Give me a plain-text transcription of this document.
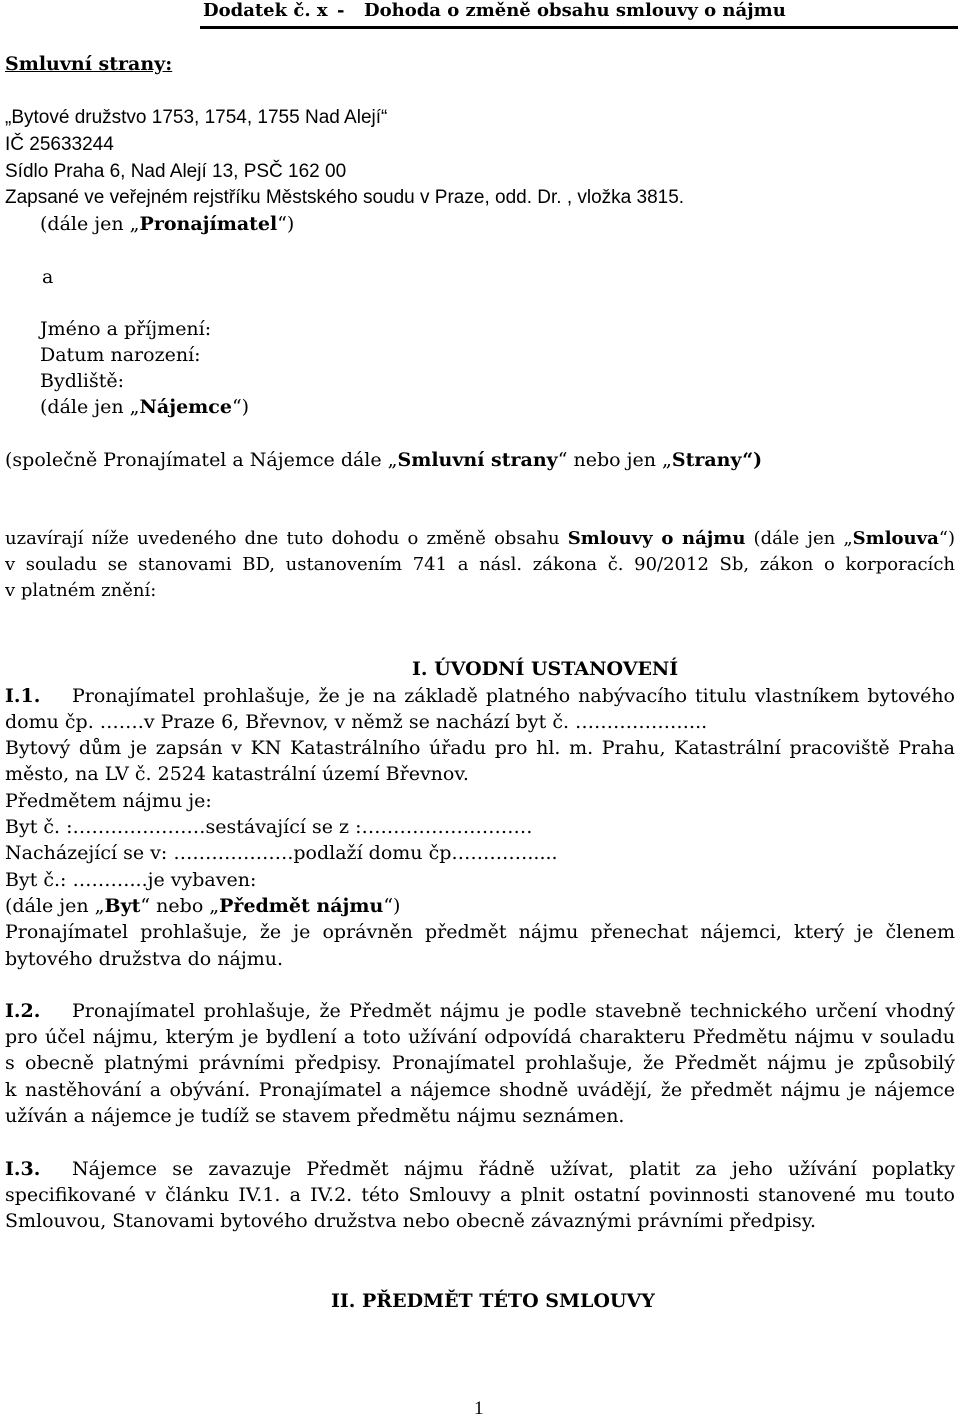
Dodatek č. x - Dohoda o změně obsahu smlouvy o nájmu
Smluvní strany:
„Bytové družstvo 1753, 1754, 1755 Nad Alejí“
IČ 25633244
Sídlo Praha 6, Nad Alejí 13, PSČ 162 00
Zapsané ve veřejném rejstříku Městského soudu v Praze, odd. Dr. , vložka 3815.
(dále jen „Pronajímatel“)
a
Jméno a příjmení:
Datum narození:
Bydliště:
(dále jen „Nájemce“)
(společně Pronajímatel a Nájemce dále „Smluvní strany“ nebo jen „Strany“)
uzavírají níže uvedeného dne tuto dohodu o změně obsahu Smlouvy o nájmu (dále jen „Smlouva“)
v souladu se stanovami BD, ustanovením 741 a násl. zákona č. 90/2012 Sb, zákon o korporacích
v platném znění:
I. ÚVODNÍ USTANOVENÍ
I.1. Pronajímatel prohlašuje, že je na základě platného nabývacího titulu vlastníkem bytového
domu čp. …….v Praze 6, Břevnov, v němž se nachází byt č. ………………...
Bytový dům je zapsán v KN Katastrálního úřadu pro hl. m. Prahu, Katastrální pracoviště Praha
město, na LV č. 2524 katastrální území Břevnov.
Předmětem nájmu je:
Byt č. :…………………sestávající se z :………………………
Nacházející se v: ……………….podlaží domu čp………….....
Byt č.: ………...je vybaven:
(dále jen „Byt“ nebo „Předmět nájmu“)
Pronajímatel prohlašuje, že je oprávněn předmět nájmu přenechat nájemci, který je členem
bytového družstva do nájmu.
I.2. Pronajímatel prohlašuje, že Předmět nájmu je podle stavebně technického určení vhodný
pro účel nájmu, kterým je bydlení a toto užívání odpovídá charakteru Předmětu nájmu v souladu
s obecně platnými právními předpisy. Pronajímatel prohlašuje, že Předmět nájmu je způsobilý
k nastěhování a obývání. Pronajímatel a nájemce shodně uvádějí, že předmět nájmu je nájemce
užíván a nájemce je tudíž se stavem předmětu nájmu seznámen.
I.3. Nájemce se zavazuje Předmět nájmu řádně užívat, platit za jeho užívání poplatky
specifikované v článku IV.1. a IV.2. této Smlouvy a plnit ostatní povinnosti stanovené mu touto
Smlouvou, Stanovami bytového družstva nebo obecně závaznými právními předpisy.
II. PŘEDMĚT TÉTO SMLOUVY
1
